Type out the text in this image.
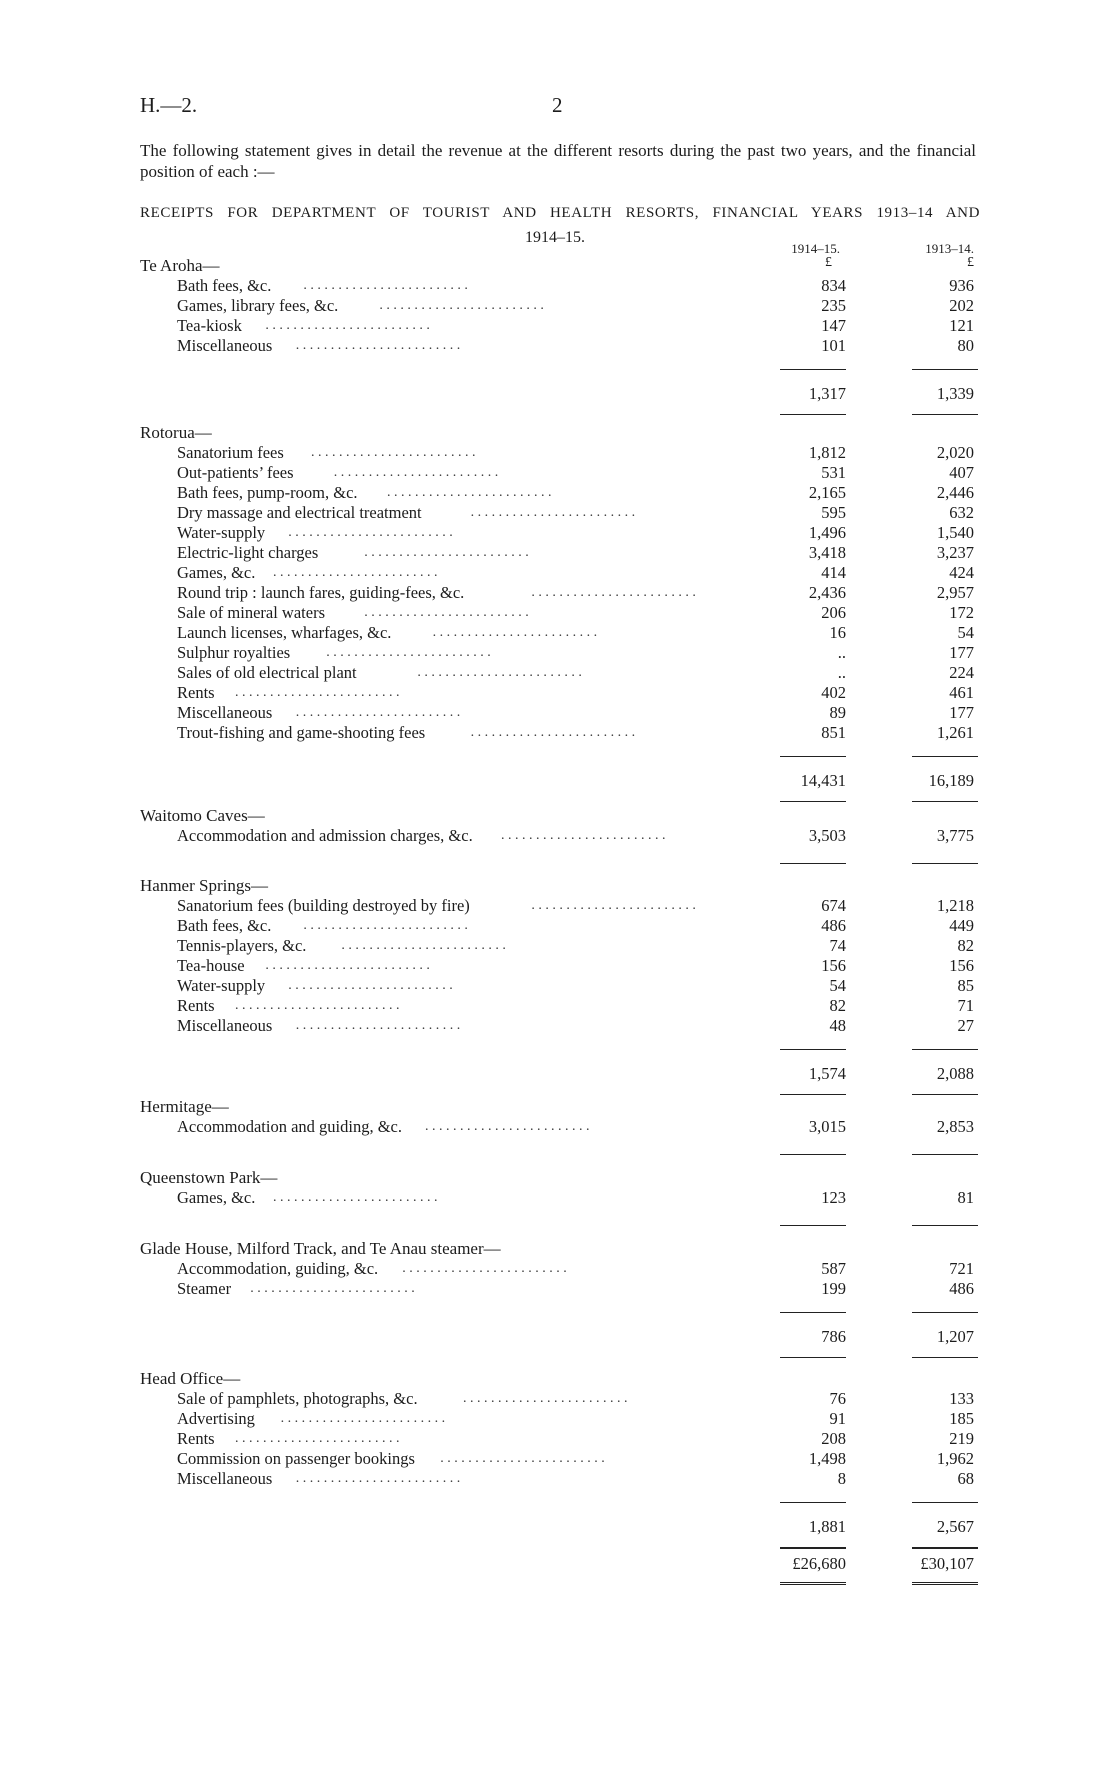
H.—2.	2
The following statement gives in detail the revenue at the different resorts during the past two years, and the financial position of each :—
RECEIPTS FOR DEPARTMENT OF TOURIST AND HEALTH RESORTS, FINANCIAL YEARS 1913–14 AND
1914–15.
1914–15.	1913–14.
£	£
Te Aroha—
Bath fees, &c. . . . . . . . . . . . . . . . . . . . . . . . .	834	936
Games, library fees, &c.	. . . . . . . . . . . . . . . . . . . . . . . .	235	202
Tea-kiosk . . . . . . . . . . . . . . . . . . . . . . . .	147	121
Miscellaneous . . . . . . . . . . . . . . . . . . . . . . . .	101	80
1,317	1,339
Rotorua—
Sanatorium fees . . . . . . . . . . . . . . . . . . . . . . . .	1,812	2,020
Out-patients’ fees	. . . . . . . . . . . . . . . . . . . . . . . .	531	407
Bath fees, pump-room, &c. . . . . . . . . . . . . . . . . . . . . . . . .	2,165	2,446
Dry massage and electrical treatment	. . . . . . . . . . . . . . . . . . . . . . . .	595	632
Water-supply . . . . . . . . . . . . . . . . . . . . . . . .	1,496	1,540
Electric-light charges	. . . . . . . . . . . . . . . . . . . . . . . .	3,418	3,237
Games, &c. . . . . . . . . . . . . . . . . . . . . . . . .	414	424
Round trip : launch fares, guiding-fees, &c.	. . . . . . . . . . . . . . . . . . . . . . . .	2,436	2,957
Sale of mineral waters	. . . . . . . . . . . . . . . . . . . . . . . .	206	172
Launch licenses, wharfages, &c.	. . . . . . . . . . . . . . . . . . . . . . . .	16	54
Sulphur royalties	. . . . . . . . . . . . . . . . . . . . . . . .	..	177
Sales of old electrical plant	. . . . . . . . . . . . . . . . . . . . . . . .	..	224
Rents . . . . . . . . . . . . . . . . . . . . . . . .	402	461
Miscellaneous . . . . . . . . . . . . . . . . . . . . . . . .	89	177
Trout-fishing and game-shooting fees	. . . . . . . . . . . . . . . . . . . . . . . .	851	1,261
14,431	16,189
Waitomo Caves—
Accommodation and admission charges, &c. . . . . . . . . . . . . . . . . . . . . . . . .	3,503	3,775
Hanmer Springs—
Sanatorium fees (building destroyed by fire)	. . . . . . . . . . . . . . . . . . . . . . . .	674	1,218
Bath fees, &c. . . . . . . . . . . . . . . . . . . . . . . . .	486	449
Tennis-players, &c. . . . . . . . . . . . . . . . . . . . . . . . .	74	82
Tea-house . . . . . . . . . . . . . . . . . . . . . . . .	156	156
Water-supply . . . . . . . . . . . . . . . . . . . . . . . .	54	85
Rents . . . . . . . . . . . . . . . . . . . . . . . .	82	71
Miscellaneous . . . . . . . . . . . . . . . . . . . . . . . .	48	27
1,574	2,088
Hermitage—
Accommodation and guiding, &c. . . . . . . . . . . . . . . . . . . . . . . . .	3,015	2,853
Queenstown Park—
Games, &c. . . . . . . . . . . . . . . . . . . . . . . . .	123	81
Glade House, Milford Track, and Te Anau steamer—
Accommodation, guiding, &c. . . . . . . . . . . . . . . . . . . . . . . . .	587	721
Steamer . . . . . . . . . . . . . . . . . . . . . . . .	199	486
786	1,207
Head Office—
Sale of pamphlets, photographs, &c.	. . . . . . . . . . . . . . . . . . . . . . . .	76	133
Advertising . . . . . . . . . . . . . . . . . . . . . . . .	91	185
Rents . . . . . . . . . . . . . . . . . . . . . . . .	208	219
Commission on passenger bookings . . . . . . . . . . . . . . . . . . . . . . . .	1,498	1,962
Miscellaneous . . . . . . . . . . . . . . . . . . . . . . . .	8	68
1,881	2,567
£26,680	£30,107
